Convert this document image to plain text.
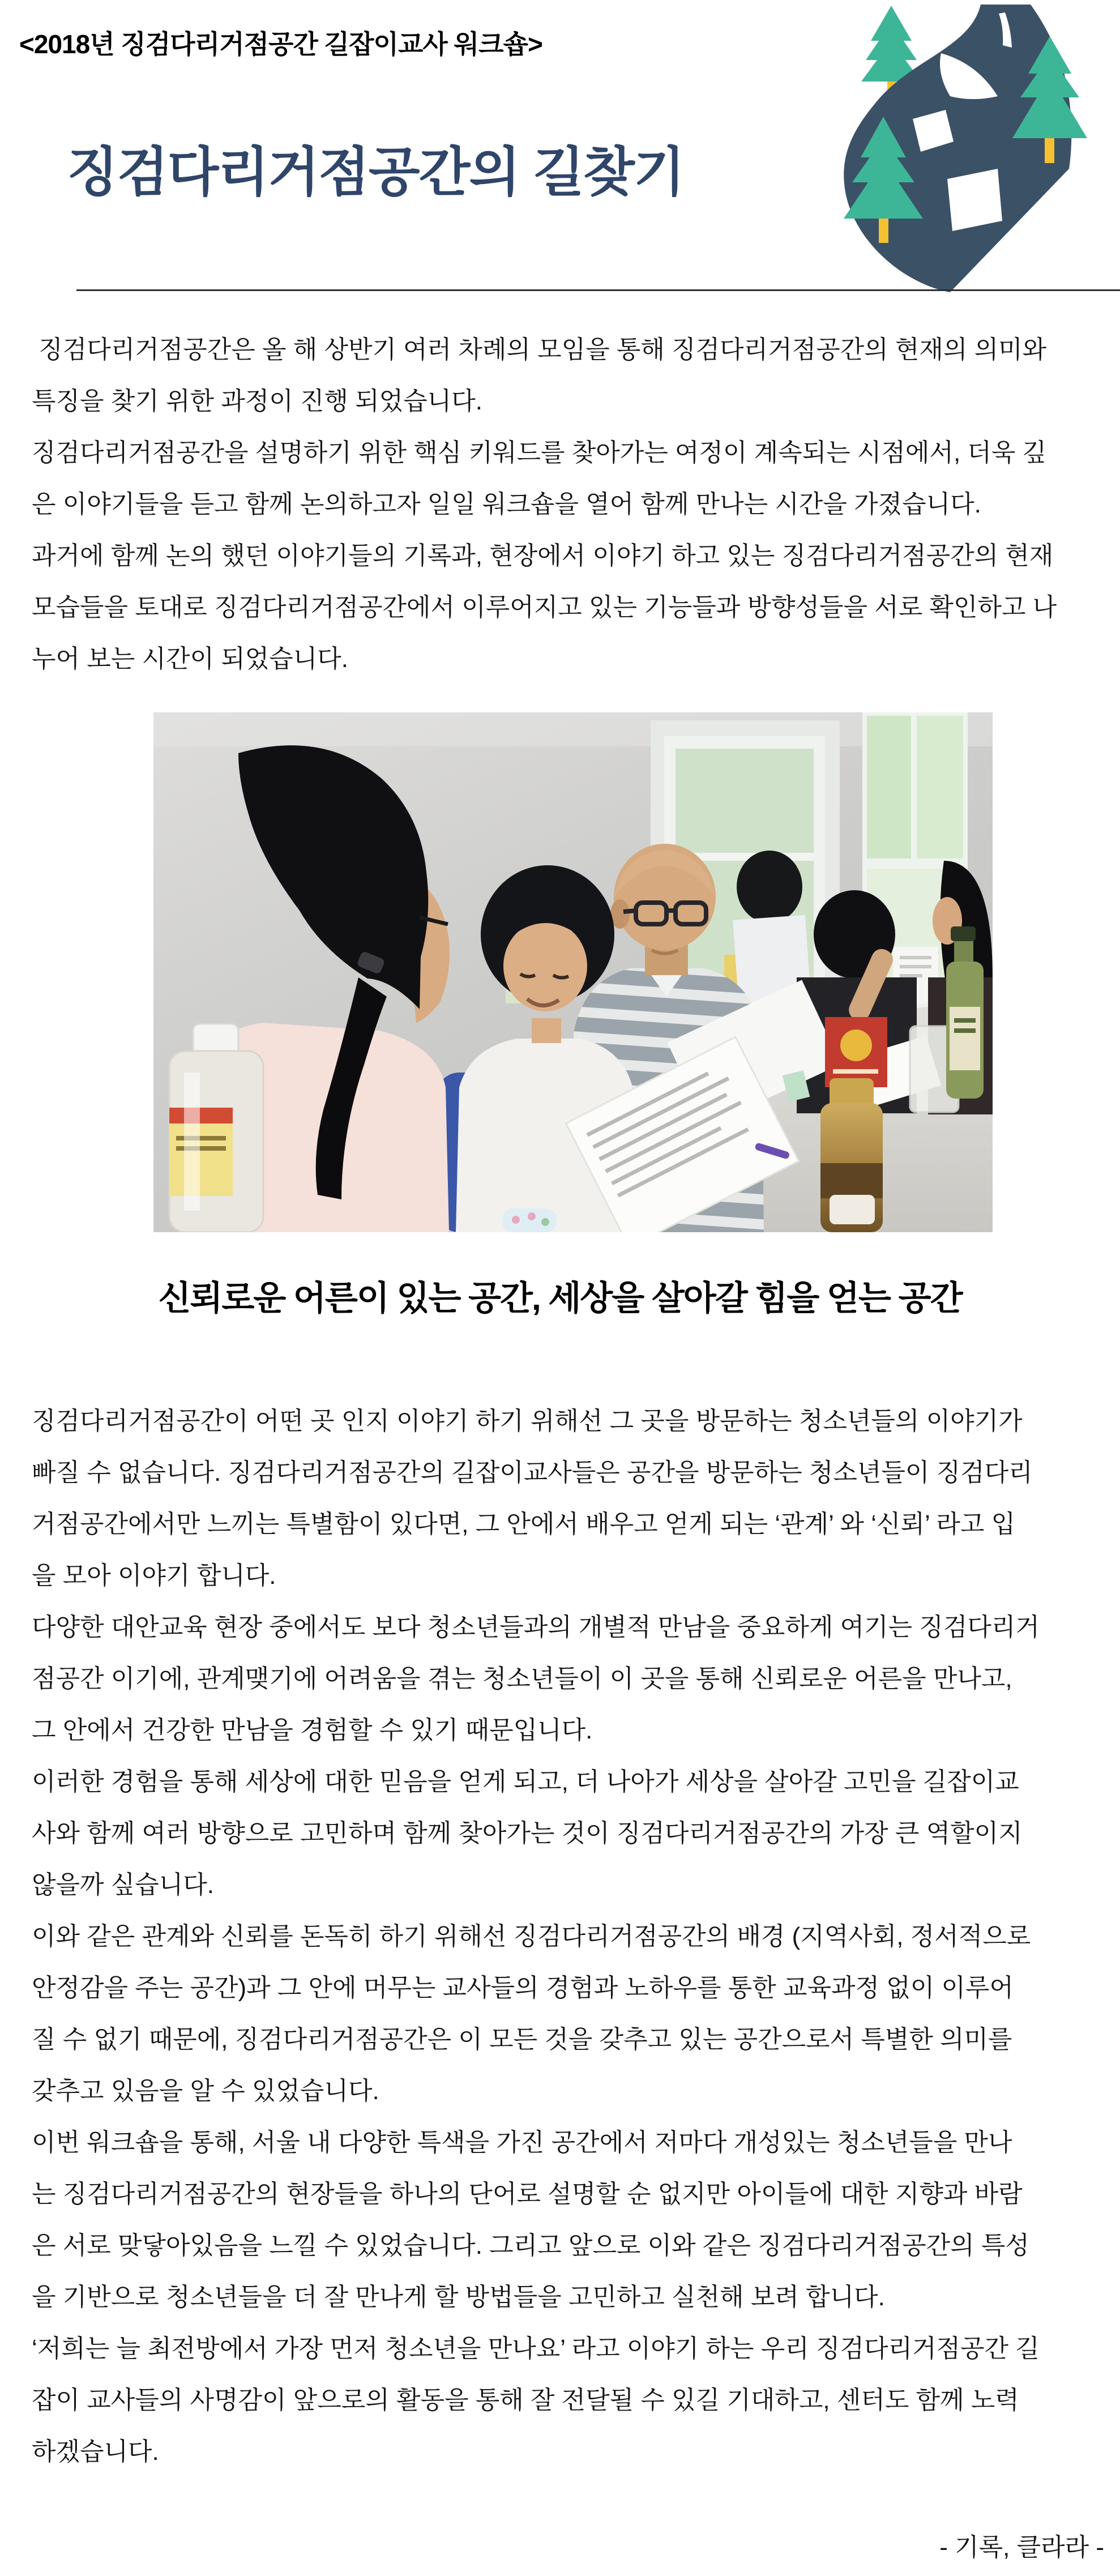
<2018년 징검다리거점공간 길잡이교사 워크숍>
징검다리거점공간의 길찾기
징검다리거점공간은 올 해 상반기 여러 차례의 모임을 통해 징검다리거점공간의 현재의 의미와
특징을 찾기 위한 과정이 진행 되었습니다.
징검다리거점공간을 설명하기 위한 핵심 키워드를 찾아가는 여정이 계속되는 시점에서, 더욱 깊
은 이야기들을 듣고 함께 논의하고자 일일 워크숍을 열어 함께 만나는 시간을 가졌습니다.
과거에 함께 논의 했던 이야기들의 기록과, 현장에서 이야기 하고 있는 징검다리거점공간의 현재
모습들을 토대로 징검다리거점공간에서 이루어지고 있는 기능들과 방향성들을 서로 확인하고 나
누어 보는 시간이 되었습니다.
신뢰로운 어른이 있는 공간, 세상을 살아갈 힘을 얻는 공간
징검다리거점공간이 어떤 곳 인지 이야기 하기 위해선 그 곳을 방문하는 청소년들의 이야기가
빠질 수 없습니다. 징검다리거점공간의 길잡이교사들은 공간을 방문하는 청소년들이 징검다리
거점공간에서만 느끼는 특별함이 있다면, 그 안에서 배우고 얻게 되는 ‘관계’ 와 ‘신뢰’ 라고 입
을 모아 이야기 합니다.
다양한 대안교육 현장 중에서도 보다 청소년들과의 개별적 만남을 중요하게 여기는 징검다리거
점공간 이기에, 관계맺기에 어려움을 겪는 청소년들이 이 곳을 통해 신뢰로운 어른을 만나고,
그 안에서 건강한 만남을 경험할 수 있기 때문입니다.
이러한 경험을 통해 세상에 대한 믿음을 얻게 되고, 더 나아가 세상을 살아갈 고민을 길잡이교
사와 함께 여러 방향으로 고민하며 함께 찾아가는 것이 징검다리거점공간의 가장 큰 역할이지
않을까 싶습니다.
이와 같은 관계와 신뢰를 돈독히 하기 위해선 징검다리거점공간의 배경 (지역사회, 정서적으로
안정감을 주는 공간)과 그 안에 머무는 교사들의 경험과 노하우를 통한 교육과정 없이 이루어
질 수 없기 때문에, 징검다리거점공간은 이 모든 것을 갖추고 있는 공간으로서 특별한 의미를
갖추고 있음을 알 수 있었습니다.
이번 워크숍을 통해, 서울 내 다양한 특색을 가진 공간에서 저마다 개성있는 청소년들을 만나
는 징검다리거점공간의 현장들을 하나의 단어로 설명할 순 없지만 아이들에 대한 지향과 바람
은 서로 맞닿아있음을 느낄 수 있었습니다. 그리고 앞으로 이와 같은 징검다리거점공간의 특성
을 기반으로 청소년들을 더 잘 만나게 할 방법들을 고민하고 실천해 보려 합니다.
‘저희는 늘 최전방에서 가장 먼저 청소년을 만나요’ 라고 이야기 하는 우리 징검다리거점공간 길
잡이 교사들의 사명감이 앞으로의 활동을 통해 잘 전달될 수 있길 기대하고, 센터도 함께 노력
하겠습니다.
- 기록, 클라라 -
